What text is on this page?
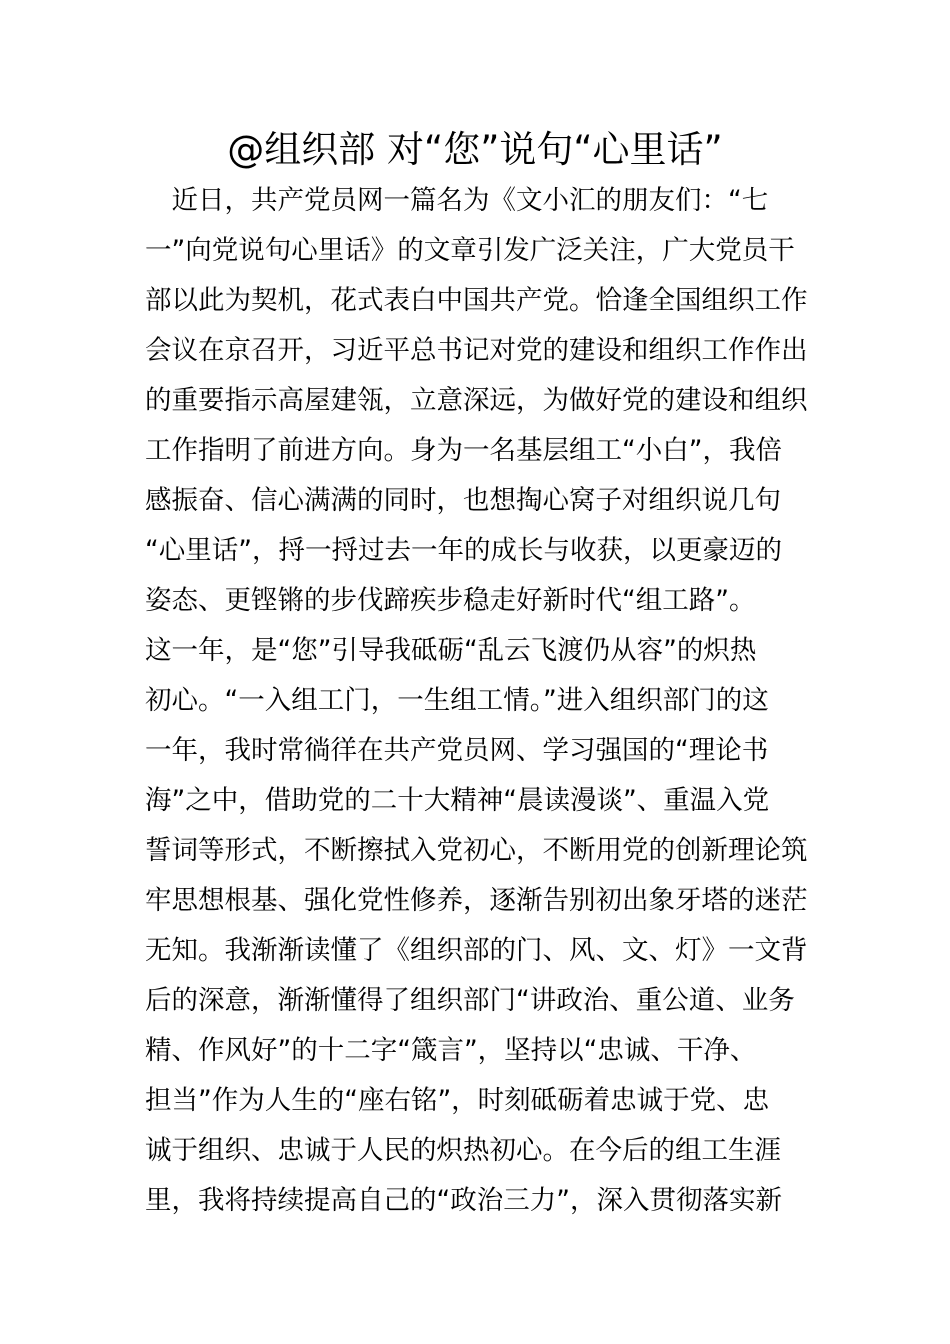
@组织部 对“您”说句“心里话”
　近日，共产党员网一篇名为《文小汇的朋友们：“七
一”向党说句心里话》的文章引发广泛关注，广大党员干
部以此为契机，花式表白中国共产党。恰逢全国组织工作
会议在京召开，习近平总书记对党的建设和组织工作作出
的重要指示高屋建瓴，立意深远，为做好党的建设和组织
工作指明了前进方向。身为一名基层组工“小白”，我倍
感振奋、信心满满的同时，也想掏心窝子对组织说几句
“心里话”，捋一捋过去一年的成长与收获，以更豪迈的
姿态、更铿锵的步伐蹄疾步稳走好新时代“组工路”。
这一年，是“您”引导我砥砺“乱云飞渡仍从容”的炽热
初心。“一入组工门，一生组工情。”进入组织部门的这
一年，我时常徜徉在共产党员网、学习强国的“理论书
海”之中，借助党的二十大精神“晨读漫谈”、重温入党
誓词等形式，不断擦拭入党初心，不断用党的创新理论筑
牢思想根基、强化党性修养，逐渐告别初出象牙塔的迷茫
无知。我渐渐读懂了《组织部的门、风、文、灯》一文背
后的深意，渐渐懂得了组织部门“讲政治、重公道、业务
精、作风好”的十二字“箴言”，坚持以“忠诚、干净、
担当”作为人生的“座右铭”，时刻砥砺着忠诚于党、忠
诚于组织、忠诚于人民的炽热初心。在今后的组工生涯
里，我将持续提高自己的“政治三力”，深入贯彻落实新
